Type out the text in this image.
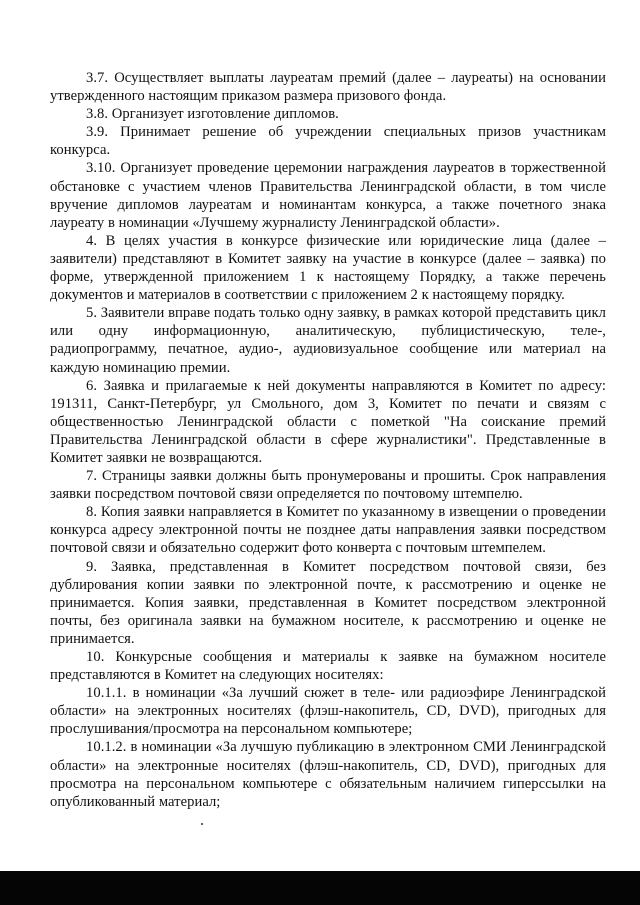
3.7. Осуществляет выплаты лауреатам премий (далее – лауреаты) на основании утвержденного настоящим приказом размера призового фонда.

3.8. Организует изготовление дипломов.

3.9. Принимает решение об учреждении специальных призов участникам конкурса.

3.10. Организует проведение церемонии награждения лауреатов в торжественной обстановке с участием членов Правительства Ленинградской области, в том числе вручение дипломов лауреатам и номинантам конкурса, а также почетного знака лауреату в номинации «Лучшему журналисту Ленинградской области».

4. В целях участия в конкурсе физические или юридические лица (далее – заявители) представляют в Комитет заявку на участие в конкурсе (далее – заявка) по форме, утвержденной приложением 1 к настоящему Порядку, а также перечень документов и материалов в соответствии с приложением 2 к настоящему порядку.

5. Заявители вправе подать только одну заявку, в рамках которой представить цикл или одну информационную, аналитическую, публицистическую, теле-, радиопрограмму, печатное, аудио-, аудиовизуальное сообщение или материал на каждую номинацию премии.

6. Заявка и прилагаемые к ней документы направляются в Комитет по адресу: 191311, Санкт-Петербург, ул Смольного, дом 3, Комитет по печати и связям с общественностью Ленинградской области с пометкой "На соискание премий Правительства Ленинградской области в сфере журналистики". Представленные в Комитет заявки не возвращаются.

7. Страницы заявки должны быть пронумерованы и прошиты. Срок направления заявки посредством почтовой связи определяется по почтовому штемпелю.

8. Копия заявки направляется в Комитет по указанному в извещении о проведении конкурса адресу электронной почты не позднее даты направления заявки посредством почтовой связи и обязательно содержит фото конверта с почтовым штемпелем.

9. Заявка, представленная в Комитет посредством почтовой связи, без дублирования копии заявки по электронной почте, к рассмотрению и оценке не принимается. Копия заявки, представленная в Комитет посредством электронной почты, без оригинала заявки на бумажном носителе, к рассмотрению и оценке не принимается.

10. Конкурсные сообщения и материалы к заявке на бумажном носителе представляются в Комитет на следующих носителях:

10.1.1. в номинации «За лучший сюжет в теле- или радиоэфире Ленинградской области» на электронных носителях (флэш-накопитель, CD, DVD), пригодных для прослушивания/просмотра на персональном компьютере;

10.1.2. в номинации «За лучшую публикацию в электронном СМИ Ленинградской области» на электронные носителях (флэш-накопитель, CD, DVD), пригодных для просмотра на персональном компьютере с обязательным наличием гиперссылки на опубликованный материал;
